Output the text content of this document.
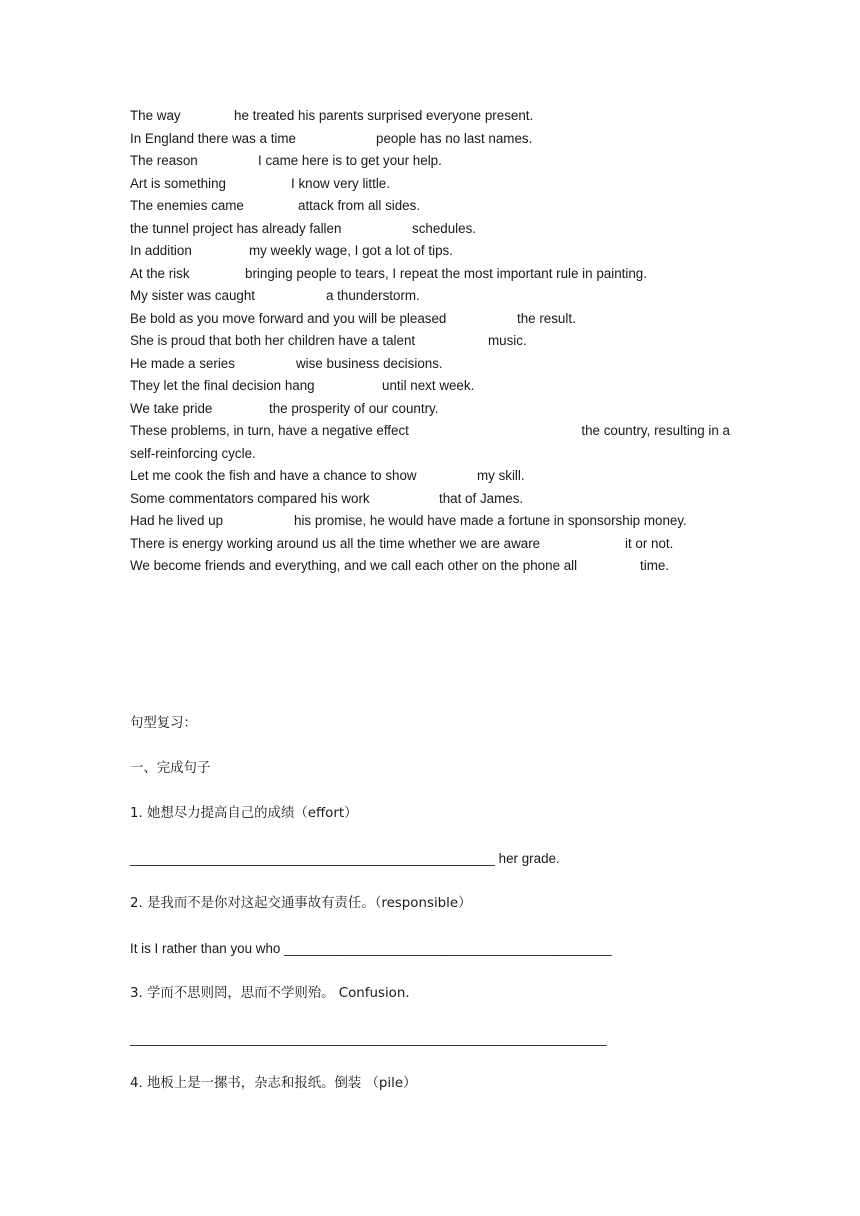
The way	he treated his parents surprised everyone present.
In England there was a time	people has no last names.
The reason	I came here is to get your help.
Art is something	I know very little.
The enemies came	attack from all sides.
the tunnel project has already fallen	schedules.
In addition	my weekly wage, I got a lot of tips.
At the risk	bringing people to tears, I repeat the most important rule in painting.
My sister was caught	a thunderstorm.
Be bold as you move forward and you will be pleased	the result.
She is proud that both her children have a talent	music.
He made a series	wise business decisions.
They let the final decision hang	until next week.
We take pride	the prosperity of our country.
These problems, in turn, have a negative effect	the country, resulting in a
self-reinforcing cycle.
Let me cook the fish and have a chance to show	my skill.
Some commentators compared his work	that of James.
Had he lived up	his promise, he would have made a fortune in sponsorship money.
There is energy working around us all the time whether we are aware	it or not.
We become friends and everything, and we call each other on the phone all	time.
句型复习：
一、完成句子
1. 她想尽力提高自己的成绩（effort）
_________________________________________________ her grade.
2. 是我而不是你对这起交通事故有责任。（responsible）
It is I rather than you who ____________________________________________
3. 学而不思则罔，思而不学则殆。 Confusion.
________________________________________________________________
4. 地板上是一摞书，杂志和报纸。倒装 （pile）
